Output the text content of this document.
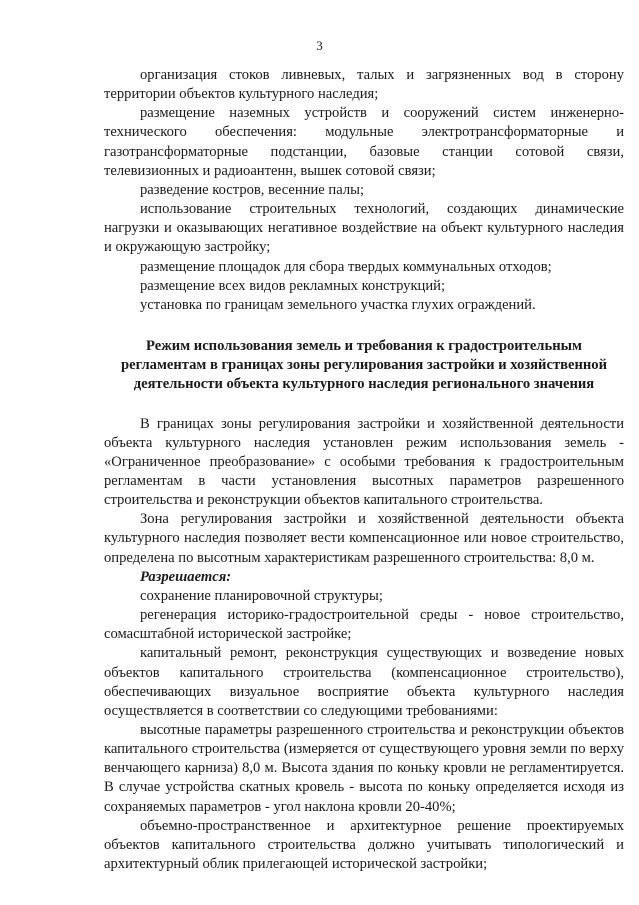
3

организация стоков ливневых, талых и загрязненных вод в сторону территории объектов культурного наследия;

размещение наземных устройств и сооружений систем инженерно-технического обеспечения: модульные электротрансформаторные и газотрансформаторные подстанции, базовые станции сотовой связи, телевизионных и радиоантенн, вышек сотовой связи;

разведение костров, весенние палы;

использование строительных технологий, создающих динамические нагрузки и оказывающих негативное воздействие на объект культурного наследия и окружающую застройку;

размещение площадок для сбора твердых коммунальных отходов;

размещение всех видов рекламных конструкций;

установка по границам земельного участка глухих ограждений.

Режим использования земель и требования к градостроительным регламентам в границах зоны регулирования застройки и хозяйственной деятельности объекта культурного наследия регионального значения

В границах зоны регулирования застройки и хозяйственной деятельности объекта культурного наследия установлен режим использования земель - «Ограниченное преобразование» с особыми требования к градостроительным регламентам в части установления высотных параметров разрешенного строительства и реконструкции объектов капитального строительства.

Зона регулирования застройки и хозяйственной деятельности объекта культурного наследия позволяет вести компенсационное или новое строительство, определена по высотным характеристикам разрешенного строительства: 8,0 м.

Разрешается:

сохранение планировочной структуры;

регенерация историко-градостроительной среды - новое строительство, сомасштабной исторической застройке;

капитальный ремонт, реконструкция существующих и возведение новых объектов капитального строительства (компенсационное строительство), обеспечивающих визуальное восприятие объекта культурного наследия осуществляется в соответствии со следующими требованиями:

высотные параметры разрешенного строительства и реконструкции объектов капитального строительства (измеряется от существующего уровня земли по верху венчающего карниза) 8,0 м. Высота здания по коньку кровли не регламентируется. В случае устройства скатных кровель - высота по коньку определяется исходя из сохраняемых параметров - угол наклона кровли 20-40%;

объемно-пространственное и архитектурное решение проектируемых объектов капитального строительства должно учитывать типологический и архитектурный облик прилегающей исторической застройки;
